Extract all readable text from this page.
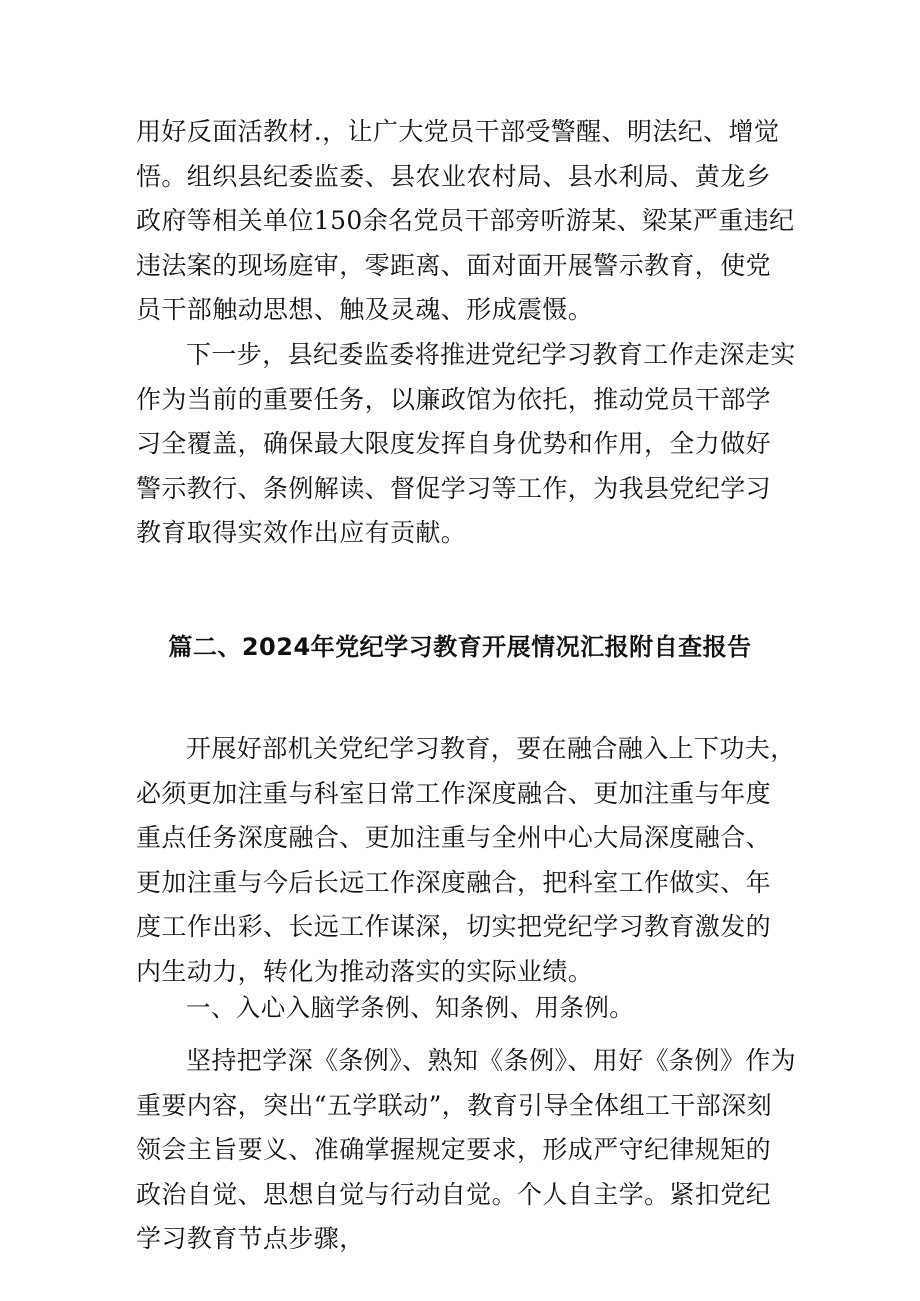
用好反面活教材.，让广大党员干部受警醒、明法纪、增觉悟。组织县纪委监委、县农业农村局、县水利局、黄龙乡政府等相关单位150余名党员干部旁听游某、梁某严重违纪违法案的现场庭审，零距离、面对面开展警示教育，使党员干部触动思想、触及灵魂、形成震慑。

下一步，县纪委监委将推进党纪学习教育工作走深走实作为当前的重要任务，以廉政馆为依托，推动党员干部学习全覆盖，确保最大限度发挥自身优势和作用，全力做好警示教行、条例解读、督促学习等工作，为我县党纪学习教育取得实效作出应有贡献。

篇二、2024年党纪学习教育开展情况汇报附自查报告

开展好部机关党纪学习教育，要在融合融入上下功夫，必须更加注重与科室日常工作深度融合、更加注重与年度重点任务深度融合、更加注重与全州中心大局深度融合、更加注重与今后长远工作深度融合，把科室工作做实、年度工作出彩、长远工作谋深，切实把党纪学习教育激发的内生动力，转化为推动落实的实际业绩。

一、入心入脑学条例、知条例、用条例。

坚持把学深《条例》、熟知《条例》、用好《条例》作为重要内容，突出“五学联动”，教育引导全体组工干部深刻领会主旨要义、准确掌握规定要求，形成严守纪律规矩的政治自觉、思想自觉与行动自觉。个人自主学。紧扣党纪学习教育节点步骤，
